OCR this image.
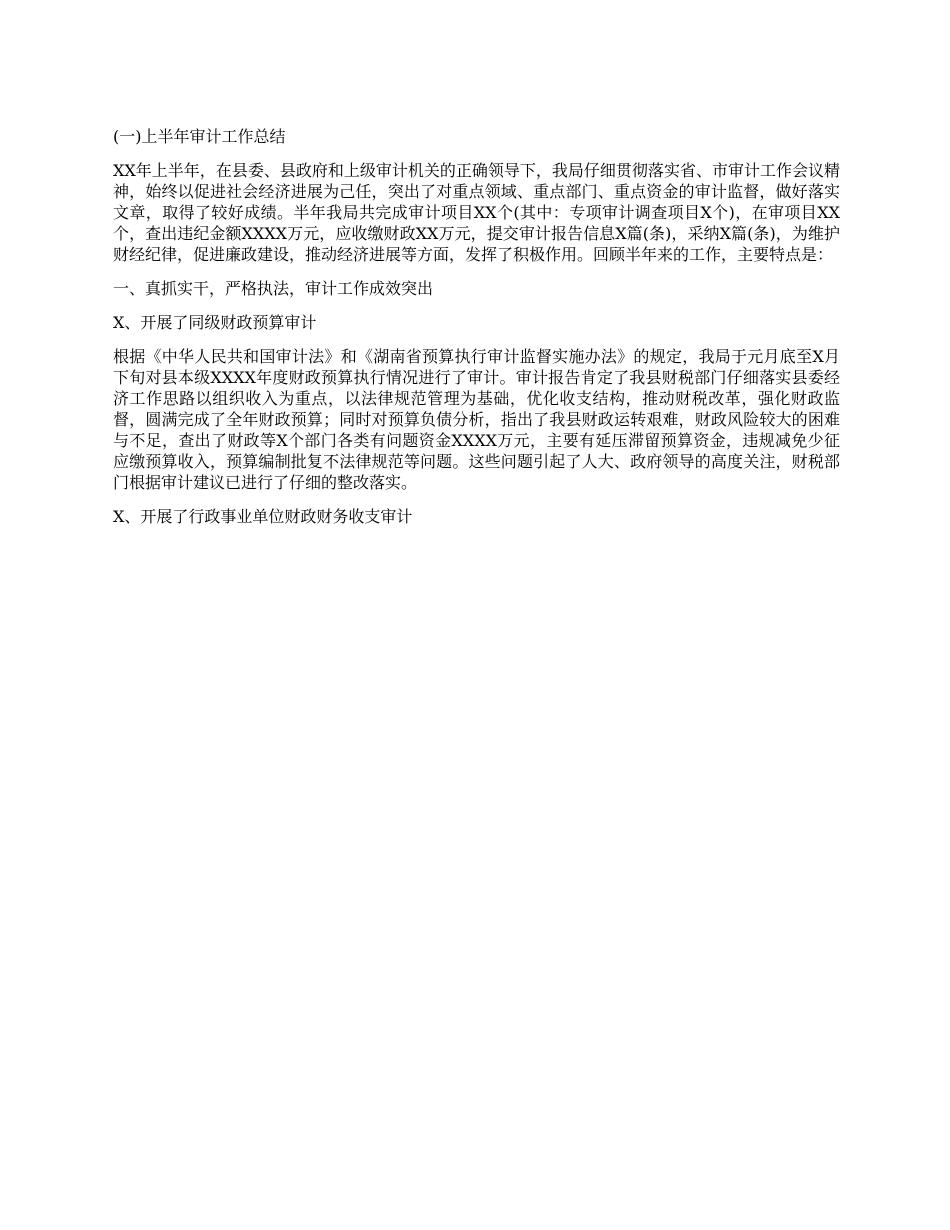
(一)上半年审计工作总结

XX年上半年，在县委、县政府和上级审计机关的正确领导下，我局仔细贯彻落实省、市审计工作会议精神，始终以促进社会经济进展为己任，突出了对重点领域、重点部门、重点资金的审计监督，做好落实文章，取得了较好成绩。半年我局共完成审计项目XX个(其中：专项审计调查项目X个)，在审项目XX个，查出违纪金额XXXX万元，应收缴财政XX万元，提交审计报告信息X篇(条)，采纳X篇(条)，为维护财经纪律，促进廉政建设，推动经济进展等方面，发挥了积极作用。回顾半年来的工作，主要特点是：

一、真抓实干，严格执法，审计工作成效突出

X、开展了同级财政预算审计

根据《中华人民共和国审计法》和《湖南省预算执行审计监督实施办法》的规定，我局于元月底至X月下旬对县本级XXXX年度财政预算执行情况进行了审计。审计报告肯定了我县财税部门仔细落实县委经济工作思路以组织收入为重点，以法律规范管理为基础，优化收支结构，推动财税改革，强化财政监督，圆满完成了全年财政预算；同时对预算负债分析，指出了我县财政运转艰难，财政风险较大的困难与不足，查出了财政等X个部门各类有问题资金XXXX万元，主要有延压滞留预算资金，违规减免少征应缴预算收入，预算编制批复不法律规范等问题。这些问题引起了人大、政府领导的高度关注，财税部门根据审计建议已进行了仔细的整改落实。

X、开展了行政事业单位财政财务收支审计
